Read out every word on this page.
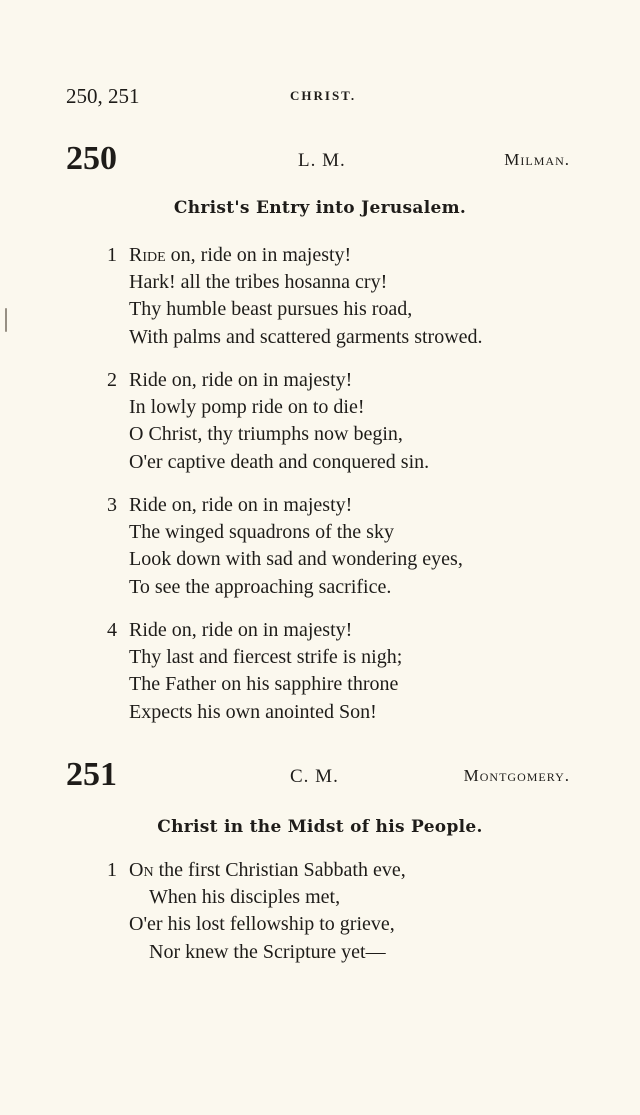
250, 251	CHRIST.
250	L. M.	Milman.
Christ's Entry into Jerusalem.
1 Ride on, ride on in majesty!
Hark! all the tribes hosanna cry!
Thy humble beast pursues his road,
With palms and scattered garments strowed.
2 Ride on, ride on in majesty!
In lowly pomp ride on to die!
O Christ, thy triumphs now begin,
O'er captive death and conquered sin.
3 Ride on, ride on in majesty!
The winged squadrons of the sky
Look down with sad and wondering eyes,
To see the approaching sacrifice.
4 Ride on, ride on in majesty!
Thy last and fiercest strife is nigh;
The Father on his sapphire throne
Expects his own anointed Son!
251	C. M.	Montgomery.
Christ in the Midst of his People.
1 On the first Christian Sabbath eve,
When his disciples met,
O'er his lost fellowship to grieve,
Nor knew the Scripture yet—
